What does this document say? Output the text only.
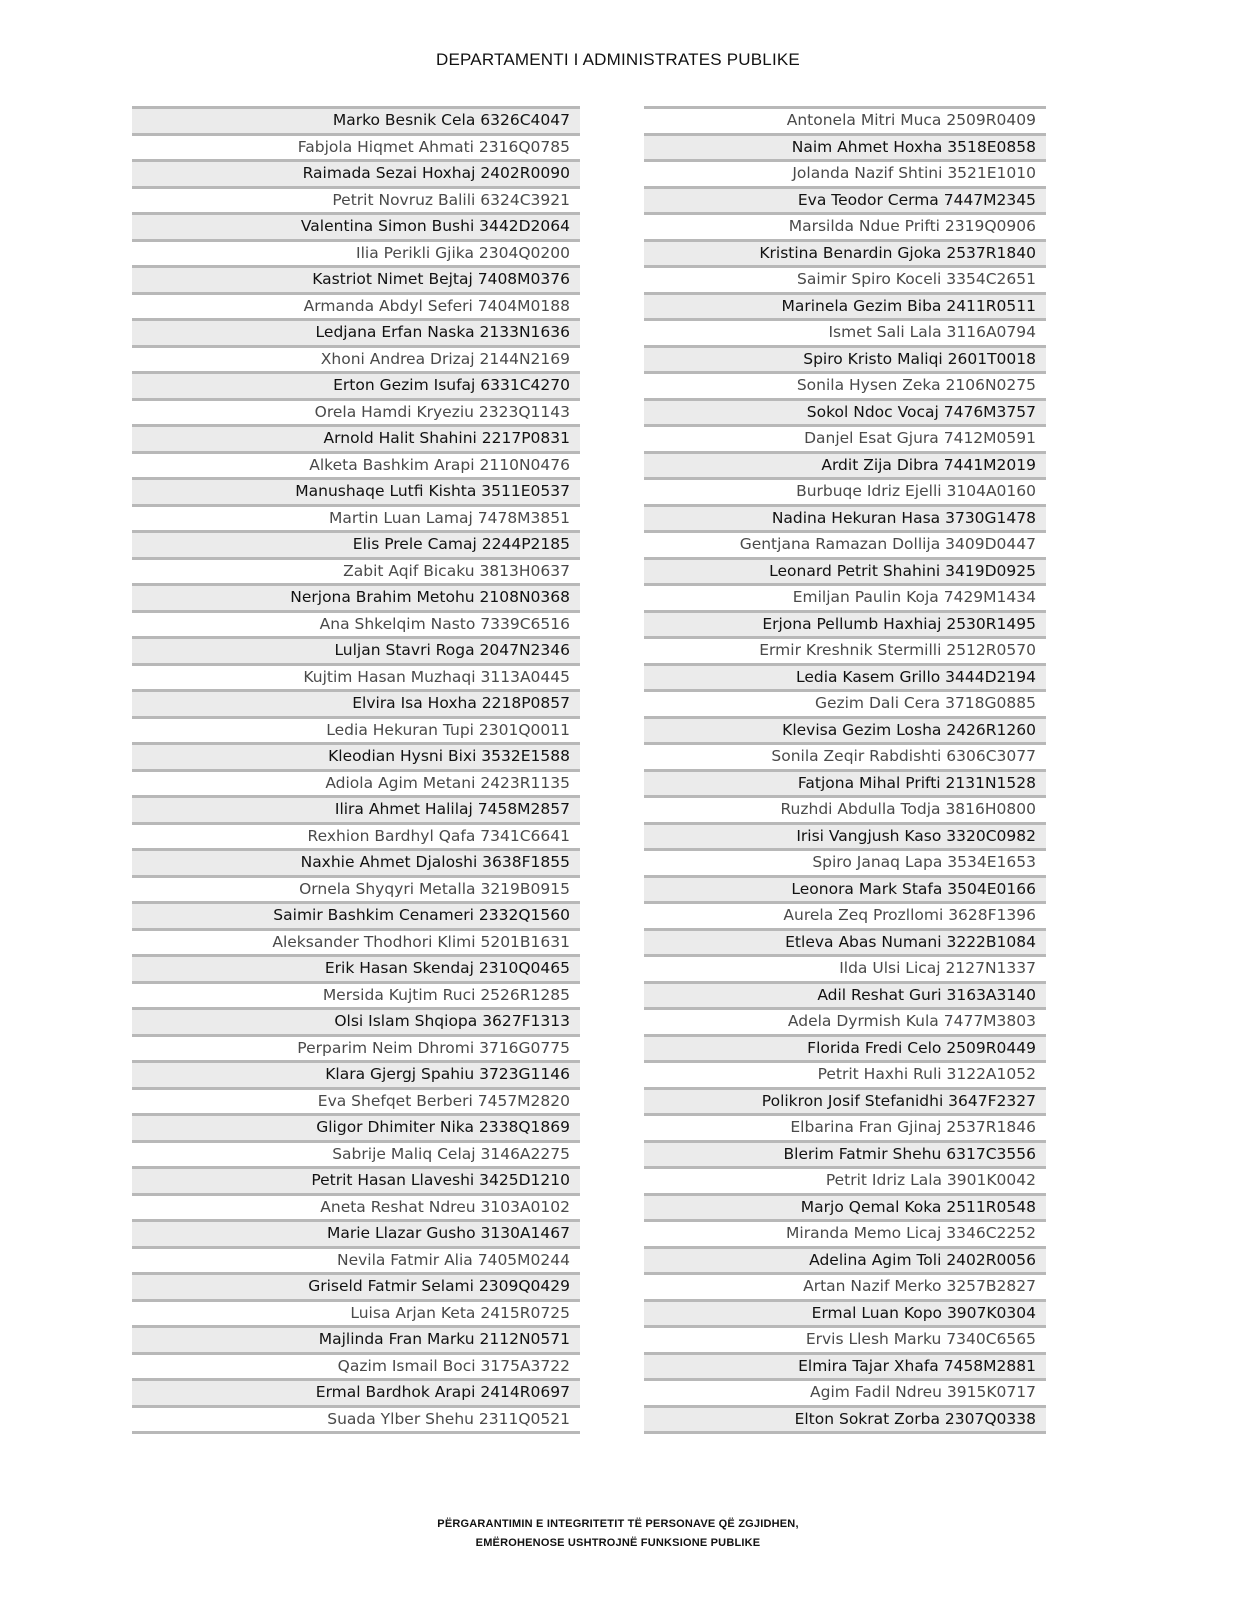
DEPARTAMENTI I ADMINISTRATES PUBLIKE
Marko Besnik Cela 6326C4047
Fabjola Hiqmet Ahmati 2316Q0785
Raimada Sezai Hoxhaj 2402R0090
Petrit Novruz Balili 6324C3921
Valentina Simon Bushi 3442D2064
Ilia Perikli Gjika 2304Q0200
Kastriot Nimet Bejtaj 7408M0376
Armanda Abdyl Seferi 7404M0188
Ledjana Erfan Naska 2133N1636
Xhoni Andrea Drizaj 2144N2169
Erton Gezim Isufaj 6331C4270
Orela Hamdi Kryeziu 2323Q1143
Arnold Halit Shahini 2217P0831
Alketa Bashkim Arapi 2110N0476
Manushaqe Lutfi Kishta 3511E0537
Martin Luan Lamaj 7478M3851
Elis Prele Camaj 2244P2185
Zabit Aqif Bicaku 3813H0637
Nerjona Brahim Metohu 2108N0368
Ana Shkelqim Nasto 7339C6516
Luljan Stavri Roga 2047N2346
Kujtim Hasan Muzhaqi 3113A0445
Elvira Isa Hoxha 2218P0857
Ledia Hekuran Tupi 2301Q0011
Kleodian Hysni Bixi 3532E1588
Adiola Agim Metani 2423R1135
Ilira Ahmet Halilaj 7458M2857
Rexhion Bardhyl Qafa 7341C6641
Naxhie Ahmet Djaloshi 3638F1855
Ornela Shyqyri Metalla 3219B0915
Saimir Bashkim Cenameri 2332Q1560
Aleksander Thodhori Klimi 5201B1631
Erik Hasan Skendaj 2310Q0465
Mersida Kujtim Ruci 2526R1285
Olsi Islam Shqiopa 3627F1313
Perparim Neim Dhromi 3716G0775
Klara Gjergj Spahiu 3723G1146
Eva Shefqet Berberi 7457M2820
Gligor Dhimiter Nika 2338Q1869
Sabrije Maliq Celaj 3146A2275
Petrit Hasan Llaveshi 3425D1210
Aneta Reshat Ndreu 3103A0102
Marie Llazar Gusho 3130A1467
Nevila Fatmir Alia 7405M0244
Griseld Fatmir Selami 2309Q0429
Luisa Arjan Keta 2415R0725
Majlinda Fran Marku 2112N0571
Qazim Ismail Boci 3175A3722
Ermal Bardhok Arapi 2414R0697
Suada Ylber Shehu 2311Q0521
Antonela Mitri Muca 2509R0409
Naim Ahmet Hoxha 3518E0858
Jolanda Nazif Shtini 3521E1010
Eva Teodor Cerma 7447M2345
Marsilda Ndue Prifti 2319Q0906
Kristina Benardin Gjoka 2537R1840
Saimir Spiro Koceli 3354C2651
Marinela Gezim Biba 2411R0511
Ismet Sali Lala 3116A0794
Spiro Kristo Maliqi 2601T0018
Sonila Hysen Zeka 2106N0275
Sokol Ndoc Vocaj 7476M3757
Danjel Esat Gjura 7412M0591
Ardit Zija Dibra 7441M2019
Burbuqe Idriz Ejelli 3104A0160
Nadina Hekuran Hasa 3730G1478
Gentjana Ramazan Dollija 3409D0447
Leonard Petrit Shahini 3419D0925
Emiljan Paulin Koja 7429M1434
Erjona Pellumb Haxhiaj 2530R1495
Ermir Kreshnik Stermilli 2512R0570
Ledia Kasem Grillo 3444D2194
Gezim Dali Cera 3718G0885
Klevisa Gezim Losha 2426R1260
Sonila Zeqir Rabdishti 6306C3077
Fatjona Mihal Prifti 2131N1528
Ruzhdi Abdulla Todja 3816H0800
Irisi Vangjush Kaso 3320C0982
Spiro Janaq Lapa 3534E1653
Leonora Mark Stafa 3504E0166
Aurela Zeq Prozllomi 3628F1396
Etleva Abas Numani 3222B1084
Ilda Ulsi Licaj 2127N1337
Adil Reshat Guri 3163A3140
Adela Dyrmish Kula 7477M3803
Florida Fredi Celo 2509R0449
Petrit Haxhi Ruli 3122A1052
Polikron Josif Stefanidhi 3647F2327
Elbarina Fran Gjinaj 2537R1846
Blerim Fatmir Shehu 6317C3556
Petrit Idriz Lala 3901K0042
Marjo Qemal Koka 2511R0548
Miranda Memo Licaj 3346C2252
Adelina Agim Toli 2402R0056
Artan Nazif Merko 3257B2827
Ermal Luan Kopo 3907K0304
Ervis Llesh Marku 7340C6565
Elmira Tajar Xhafa 7458M2881
Agim Fadil Ndreu 3915K0717
Elton Sokrat Zorba 2307Q0338
PËRGARANTIMIN E INTEGRITETIT TË PERSONAVE QË ZGJIDHEN,
EMËROHENOSE USHTROJNË FUNKSIONE PUBLIKE
